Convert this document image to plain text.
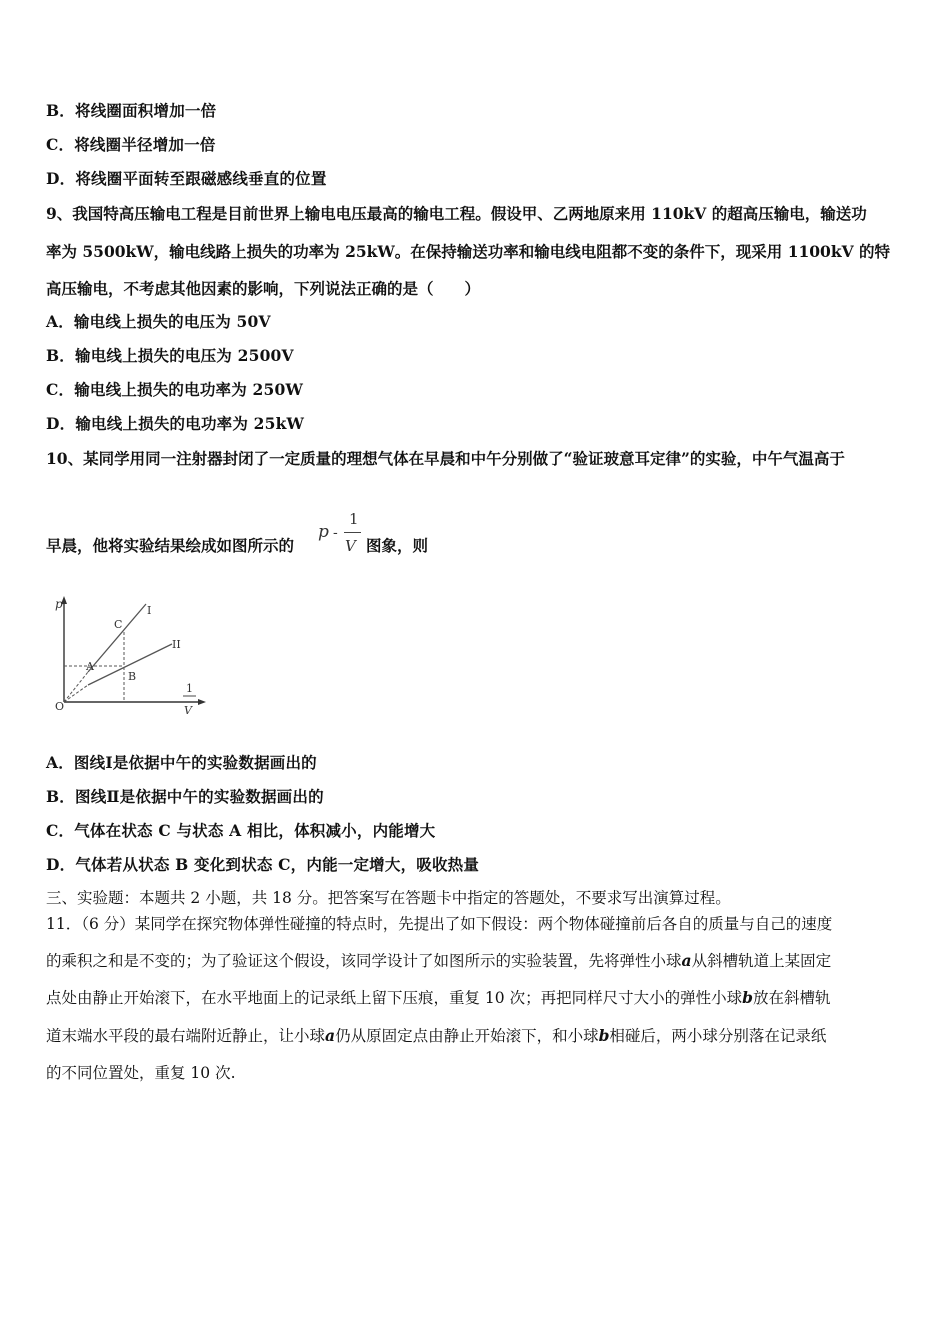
B．将线圈面积增加一倍
C．将线圈半径增加一倍
D．将线圈平面转至跟磁感线垂直的位置
9、我国特高压输电工程是目前世界上输电电压最高的输电工程。假设甲、乙两地原来用 110kV 的超高压输电，输送功
率为 5500kW，输电线路上损失的功率为 25kW。在保持输送功率和输电线电阻都不变的条件下，现采用 1100kV 的特
高压输电，不考虑其他因素的影响，下列说法正确的是（　　）
A．输电线上损失的电压为 50V
B．输电线上损失的电压为 2500V
C．输电线上损失的电功率为 250W
D．输电线上损失的电功率为 25kW
10、某同学用同一注射器封闭了一定质量的理想气体在早晨和中午分别做了“验证玻意耳定律”的实验，中午气温高于
早晨，他将实验结果绘成如图所示的
p -
1
V 图象，则
p
1
V
O
A
B
C
I
II
A．图线Ⅰ是依据中午的实验数据画出的
B．图线Ⅱ是依据中午的实验数据画出的
C．气体在状态 C 与状态 A 相比，体积减小，内能增大
D．气体若从状态 B 变化到状态 C，内能一定增大，吸收热量
三、实验题：本题共 2 小题，共 18 分。把答案写在答题卡中指定的答题处，不要求写出演算过程。
11．（6 分）某同学在探究物体弹性碰撞的特点时，先提出了如下假设：两个物体碰撞前后各自的质量与自己的速度
的乘积之和是不变的；为了验证这个假设，该同学设计了如图所示的实验装置，先将弹性小球a从斜槽轨道上某固定
点处由静止开始滚下，在水平地面上的记录纸上留下压痕，重复 10 次；再把同样尺寸大小的弹性小球b放在斜槽轨
道末端水平段的最右端附近静止，让小球a仍从原固定点由静止开始滚下，和小球b相碰后，两小球分别落在记录纸
的不同位置处，重复 10 次.
